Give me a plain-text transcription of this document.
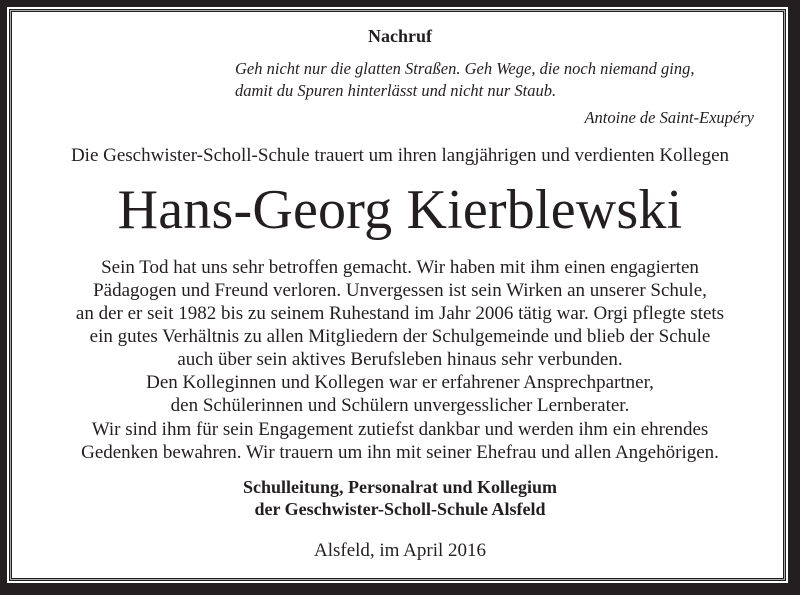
Nachruf
Geh nicht nur die glatten Straßen. Geh Wege, die noch niemand ging,
damit du Spuren hinterlässt und nicht nur Staub.
Antoine de Saint-Exupéry
Die Geschwister-Scholl-Schule trauert um ihren langjährigen und verdienten Kollegen
Hans-Georg Kierblewski
Sein Tod hat uns sehr betroffen gemacht. Wir haben mit ihm einen engagierten
Pädagogen und Freund verloren. Unvergessen ist sein Wirken an unserer Schule,
an der er seit 1982 bis zu seinem Ruhestand im Jahr 2006 tätig war. Orgi pflegte stets
ein gutes Verhältnis zu allen Mitgliedern der Schulgemeinde und blieb der Schule
auch über sein aktives Berufsleben hinaus sehr verbunden.
Den Kolleginnen und Kollegen war er erfahrener Ansprechpartner,
den Schülerinnen und Schülern unvergesslicher Lernberater.
Wir sind ihm für sein Engagement zutiefst dankbar und werden ihm ein ehrendes
Gedenken bewahren. Wir trauern um ihn mit seiner Ehefrau und allen Angehörigen.
Schulleitung, Personalrat und Kollegium
der Geschwister-Scholl-Schule Alsfeld
Alsfeld, im April 2016
